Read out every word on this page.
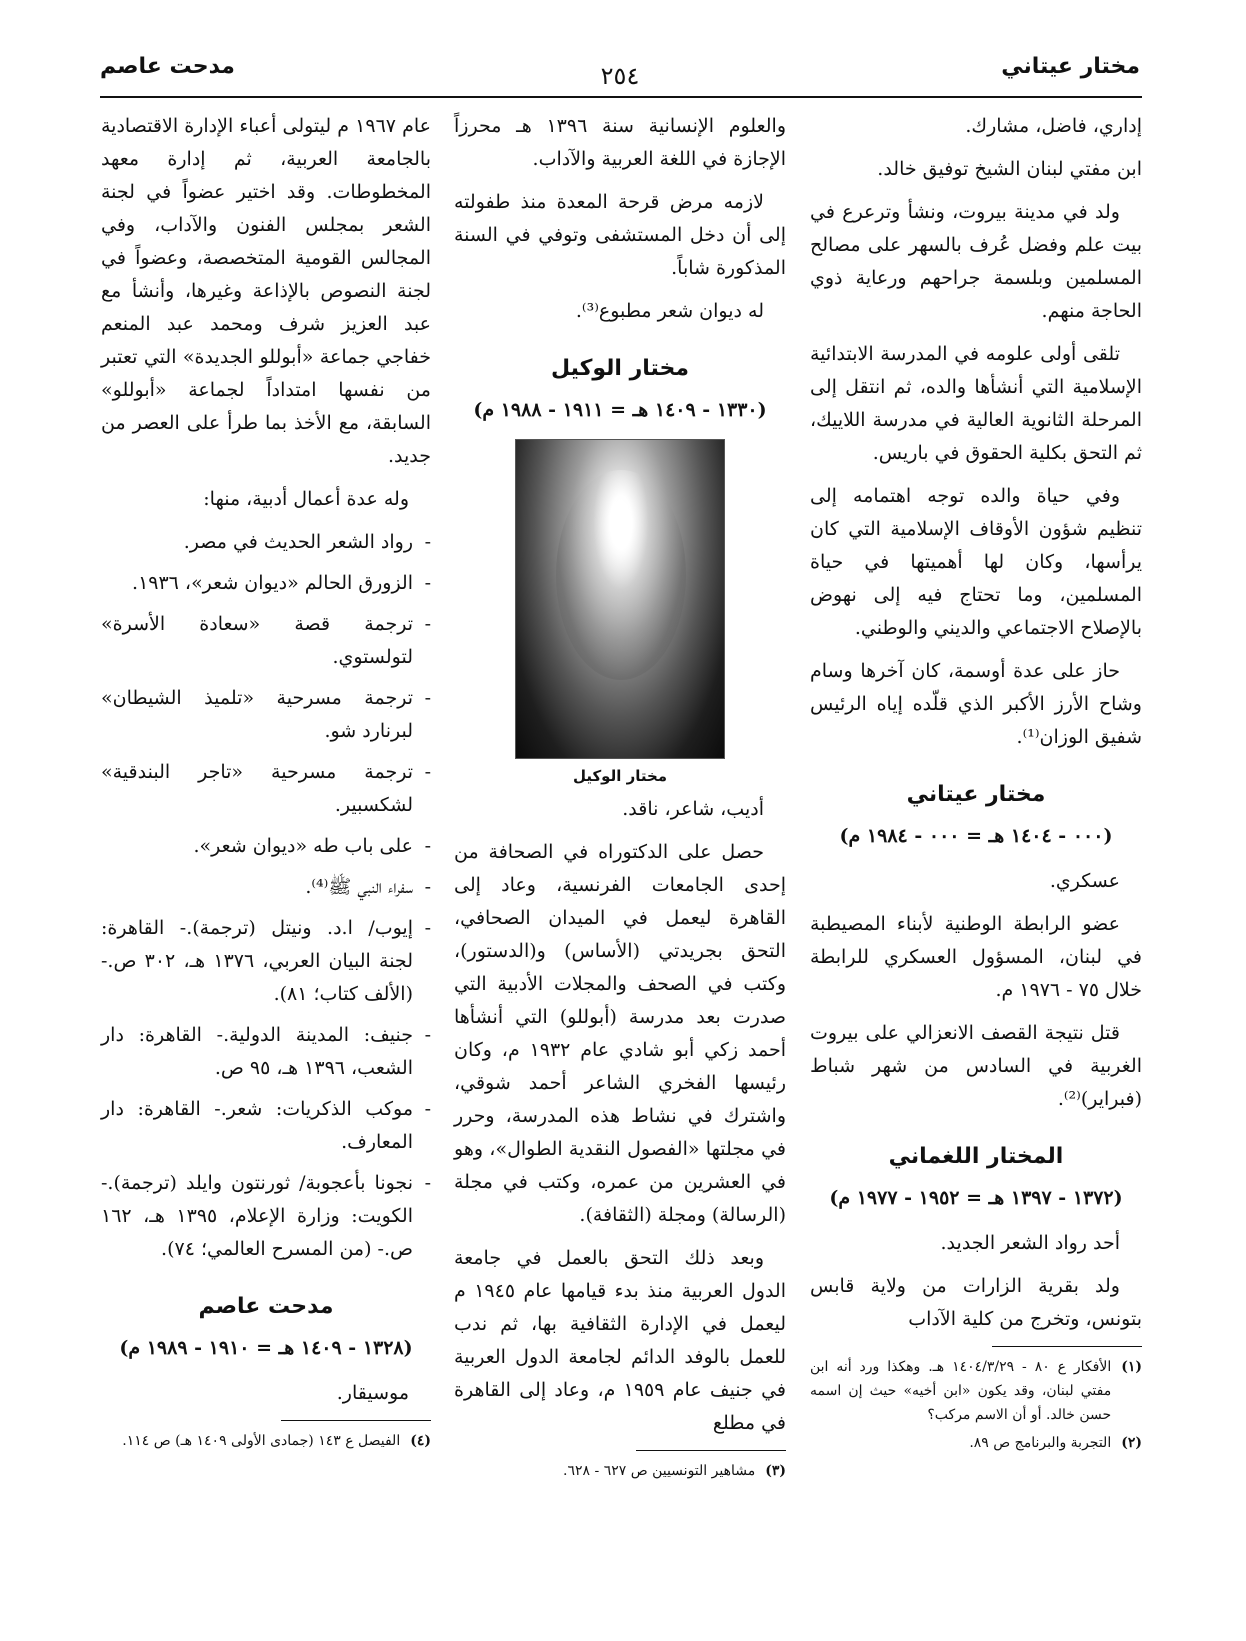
مختار عيتاني
٢٥٤
مدحت عاصم

إداري، فاضل، مشارك.

ابن مفتي لبنان الشيخ توفيق خالد.

ولد في مدينة بيروت، ونشأ وترعرع في بيت علم وفضل عُرف بالسهر على مصالح المسلمين وبلسمة جراحهم ورعاية ذوي الحاجة منهم.

تلقى أولى علومه في المدرسة الابتدائية الإسلامية التي أنشأها والده، ثم انتقل إلى المرحلة الثانوية العالية في مدرسة اللاييك، ثم التحق بكلية الحقوق في باريس.

وفي حياة والده توجه اهتمامه إلى تنظيم شؤون الأوقاف الإسلامية التي كان يرأسها، وكان لها أهميتها في حياة المسلمين، وما تحتاج فيه إلى نهوض بالإصلاح الاجتماعي والديني والوطني.

حاز على عدة أوسمة، كان آخرها وسام وشاح الأرز الأكبر الذي قلّده إياه الرئيس شفيق الوزان⁽¹⁾.

مختار عيتاني
(٠٠٠ - ١٤٠٤ هـ = ٠٠٠ - ١٩٨٤ م)

عسكري.

عضو الرابطة الوطنية لأبناء المصيطبة في لبنان، المسؤول العسكري للرابطة خلال ٧٥ - ١٩٧٦ م.

قتل نتيجة القصف الانعزالي على بيروت الغربية في السادس من شهر شباط (فبراير)⁽²⁾.

المختار اللغماني
(١٣٧٢ - ١٣٩٧ هـ = ١٩٥٢ - ١٩٧٧ م)

أحد رواد الشعر الجديد.

ولد بقرية الزارات من ولاية قابس بتونس، وتخرج من كلية الآداب

(١)
الأفكار ع ٨٠ - ١٤٠٤/٣/٢٩ هـ. وهكذا ورد أنه ابن مفتي لبنان، وقد يكون «ابن أخيه» حيث إن اسمه حسن خالد. أو أن الاسم مركب؟
(٢)
التجربة والبرنامج ص ٨٩.

والعلوم الإنسانية سنة ١٣٩٦ هـ محرزاً الإجازة في اللغة العربية والآداب.

لازمه مرض قرحة المعدة منذ طفولته إلى أن دخل المستشفى وتوفي في السنة المذكورة شاباً.

له ديوان شعر مطبوع⁽³⁾.

مختار الوكيل
(١٣٣٠ - ١٤٠٩ هـ = ١٩١١ - ١٩٨٨ م)
مختار الوكيل

أديب، شاعر، ناقد.

حصل على الدكتوراه في الصحافة من إحدى الجامعات الفرنسية، وعاد إلى القاهرة ليعمل في الميدان الصحافي، التحق بجريدتي (الأساس) و(الدستور)، وكتب في الصحف والمجلات الأدبية التي صدرت بعد مدرسة (أبوللو) التي أنشأها أحمد زكي أبو شادي عام ١٩٣٢ م، وكان رئيسها الفخري الشاعر أحمد شوقي، واشترك في نشاط هذه المدرسة، وحرر في مجلتها «الفصول النقدية الطوال»، وهو في العشرين من عمره، وكتب في مجلة (الرسالة) ومجلة (الثقافة).

وبعد ذلك التحق بالعمل في جامعة الدول العربية منذ بدء قيامها عام ١٩٤٥ م ليعمل في الإدارة الثقافية بها، ثم ندب للعمل بالوفد الدائم لجامعة الدول العربية في جنيف عام ١٩٥٩ م، وعاد إلى القاهرة في مطلع

(٣)
مشاهير التونسيين ص ٦٢٧ - ٦٢٨.

عام ١٩٦٧ م ليتولى أعباء الإدارة الاقتصادية بالجامعة العربية، ثم إدارة معهد المخطوطات. وقد اختير عضواً في لجنة الشعر بمجلس الفنون والآداب، وفي المجالس القومية المتخصصة، وعضواً في لجنة النصوص بالإذاعة وغيرها، وأنشأ مع عبد العزيز شرف ومحمد عبد المنعم خفاجي جماعة «أبوللو الجديدة» التي تعتبر من نفسها امتداداً لجماعة «أبوللو» السابقة، مع الأخذ بما طرأ على العصر من جديد.

وله عدة أعمال أدبية، منها:

- رواد الشعر الحديث في مصر.
- الزورق الحالم «ديوان شعر»، ١٩٣٦.
- ترجمة قصة «سعادة الأسرة» لتولستوي.
- ترجمة مسرحية «تلميذ الشيطان» لبرنارد شو.
- ترجمة مسرحية «تاجر البندقية» لشكسبير.
- على باب طه «ديوان شعر».
- سفراء النبي ﷺ⁽⁴⁾.
- إيوب/ ا.د. ونيتل (ترجمة).- القاهرة: لجنة البيان العربي، ١٣٧٦ هـ، ٣٠٢ ص.- (الألف كتاب؛ ٨١).
- جنيف: المدينة الدولية.- القاهرة: دار الشعب، ١٣٩٦ هـ، ٩٥ ص.
- موكب الذكريات: شعر.- القاهرة: دار المعارف.
- نجونا بأعجوبة/ ثورنتون وايلد (ترجمة).- الكويت: وزارة الإعلام، ١٣٩٥ هـ، ١٦٢ ص.- (من المسرح العالمي؛ ٧٤).
مدحت عاصم
(١٣٢٨ - ١٤٠٩ هـ = ١٩١٠ - ١٩٨٩ م)

موسيقار.

(٤)
الفيصل ع ١٤٣ (جمادى الأولى ١٤٠٩ هـ) ص ١١٤.
